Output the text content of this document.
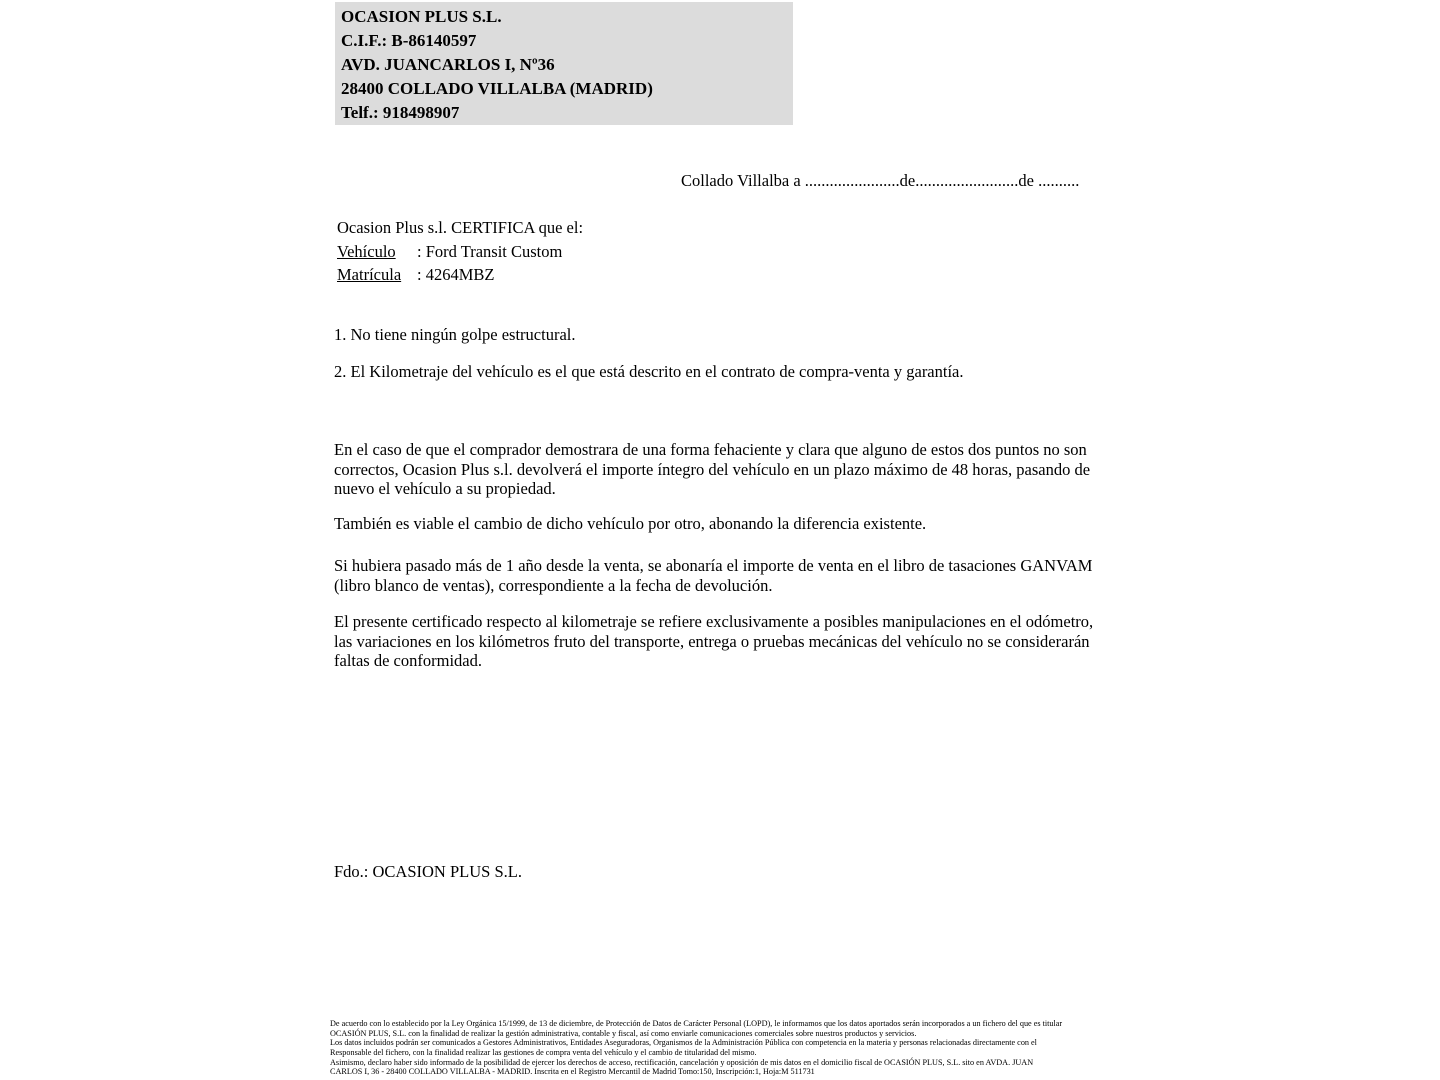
OCASION PLUS S.L.
C.I.F.: B-86140597
AVD. JUANCARLOS I, Nº36
28400 COLLADO VILLALBA (MADRID)
Telf.: 918498907
Collado Villalba a .......................de.........................de ..........
Ocasion Plus s.l. CERTIFICA que el:
Vehículo : Ford Transit Custom
Matrícula : 4264MBZ
1. No tiene ningún golpe estructural.
2. El Kilometraje del vehículo es el que está descrito en el contrato de compra-venta y garantía.
En el caso de que el comprador demostrara de una forma fehaciente y clara que alguno de estos dos puntos no son correctos, Ocasion Plus s.l. devolverá el importe íntegro del vehículo en un plazo máximo de 48 horas, pasando de nuevo el vehículo a su propiedad.
También es viable el cambio de dicho vehículo por otro, abonando la diferencia existente.
Si hubiera pasado más de 1 año desde la venta, se abonaría el importe de venta en el libro de tasaciones GANVAM (libro blanco de ventas), correspondiente a la fecha de devolución.
El presente certificado respecto al kilometraje se refiere exclusivamente a posibles manipulaciones en el odómetro, las variaciones en los kilómetros fruto del transporte, entrega o pruebas mecánicas del vehículo no se considerarán faltas de conformidad.
Fdo.: OCASION PLUS S.L.
De acuerdo con lo establecido por la Ley Orgánica 15/1999, de 13 de diciembre, de Protección de Datos de Carácter Personal (LOPD), le informamos que los datos aportados serán incorporados a un fichero del que es titular
OCASIÓN PLUS, S.L. con la finalidad de realizar la gestión administrativa, contable y fiscal, así como enviarle comunicaciones comerciales sobre nuestros productos y servicios.
Los datos incluidos podrán ser comunicados a Gestores Administrativos, Entidades Aseguradoras, Organismos de la Administración Pública con competencia en la materia y personas relacionadas directamente con el
Responsable del fichero, con la finalidad realizar las gestiones de compra venta del vehículo y el cambio de titularidad del mismo.
Asimismo, declaro haber sido informado de la posibilidad de ejercer los derechos de acceso, rectificación, cancelación y oposición de mis datos en el domicilio fiscal de OCASIÓN PLUS, S.L. sito en AVDA. JUAN
CARLOS I, 36 - 28400 COLLADO VILLALBA - MADRID. Inscrita en el Registro Mercantil de Madrid Tomo:150, Inscripción:1, Hoja:M 511731
